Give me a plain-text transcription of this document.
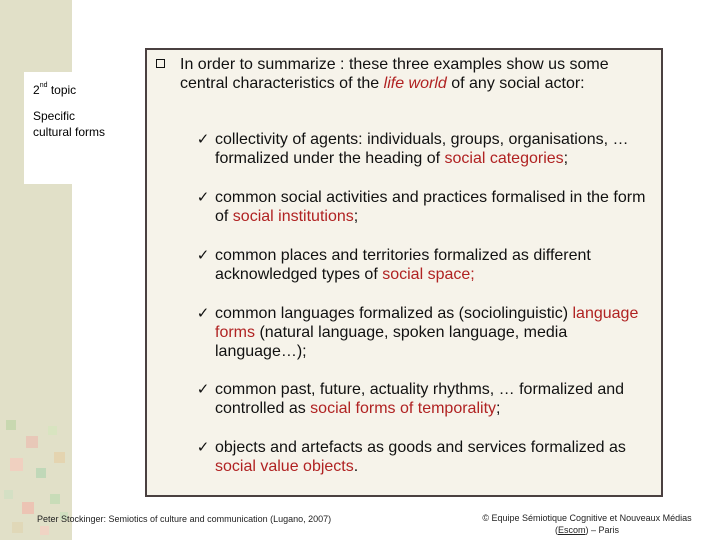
2nd topic
Specific cultural forms
In order to summarize : these three examples show us some central characteristics of the life world of any social actor:
✓ collectivity of agents: individuals, groups, organisations, … formalized under the heading of social categories;
✓ common social activities and practices formalised in the form of social institutions;
✓ common places and territories formalized as different acknowledged types of social space;
✓ common languages formalized as (sociolinguistic) language forms (natural language, spoken language, media language…);
✓ common past, future, actuality rhythms, … formalized and controlled as social forms of temporality;
✓ objects and artefacts as goods and services formalized as social value objects.
Peter Stockinger: Semiotics of culture and communication (Lugano, 2007)	© Equipe Sémiotique Cognitive et Nouveaux Médias
(Escom) – Paris
